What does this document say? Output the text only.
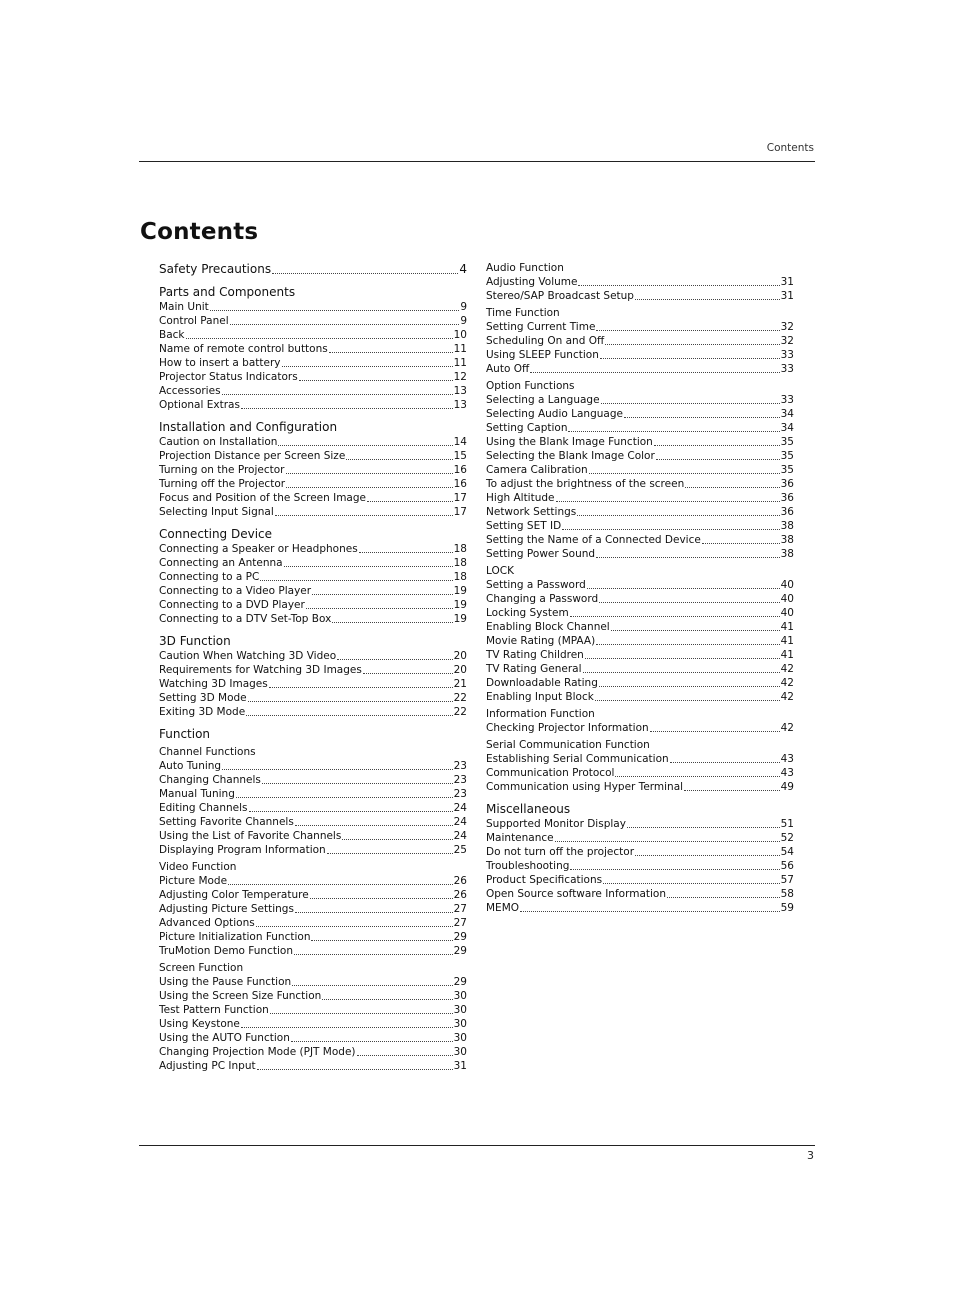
Contents
Contents
Safety Precautions	4
Parts and Components
Main Unit	9
Control Panel	9
Back	10
Name of remote control buttons	11
How to insert a battery	11
Projector Status Indicators	12
Accessories	13
Optional Extras	13
Installation and Configuration
Caution on Installation	14
Projection Distance per Screen Size	15
Turning on the Projector	16
Turning off the Projector	16
Focus and Position of the Screen Image	17
Selecting Input Signal	17
Connecting Device
Connecting a Speaker or Headphones	18
Connecting an Antenna	18
Connecting to a PC	18
Connecting to a Video Player	19
Connecting to a DVD Player	19
Connecting to a DTV Set-Top Box	19
3D Function
Caution When Watching 3D Video	20
Requirements for Watching 3D Images	20
Watching 3D Images	21
Setting 3D Mode	22
Exiting 3D Mode	22
Function
Channel Functions
Auto Tuning	23
Changing Channels	23
Manual Tuning	23
Editing Channels	24
Setting Favorite Channels	24
Using the List of Favorite Channels	24
Displaying Program Information	25
Video Function
Picture Mode	26
Adjusting Color Temperature	26
Adjusting Picture Settings	27
Advanced Options	27
Picture Initialization Function	29
TruMotion Demo Function	29
Screen Function
Using the Pause Function	29
Using the Screen Size Function	30
Test Pattern Function	30
Using Keystone	30
Using the AUTO Function	30
Changing Projection Mode (PJT Mode)	30
Adjusting PC Input	31
Audio Function
Adjusting Volume	31
Stereo/SAP Broadcast Setup	31
Time Function
Setting Current Time	32
Scheduling On and Off	32
Using SLEEP Function	33
Auto Off	33
Option Functions
Selecting a Language	33
Selecting Audio Language	34
Setting Caption	34
Using the Blank Image Function	35
Selecting the Blank Image Color	35
Camera Calibration	35
To adjust the brightness of the screen	36
High Altitude	36
Network Settings	36
Setting SET ID	38
Setting the Name of a Connected Device	38
Setting Power Sound	38
LOCK
Setting a Password	40
Changing a Password	40
Locking System	40
Enabling Block Channel	41
Movie Rating (MPAA)	41
TV Rating Children	41
TV Rating General	42
Downloadable Rating	42
Enabling Input Block	42
Information Function
Checking Projector Information	42
Serial Communication Function
Establishing Serial Communication	43
Communication Protocol	43
Communication using Hyper Terminal	49
Miscellaneous
Supported Monitor Display	51
Maintenance	52
Do not turn off the projector	54
Troubleshooting	56
Product Specifications	57
Open Source software Information	58
MEMO	59
3
